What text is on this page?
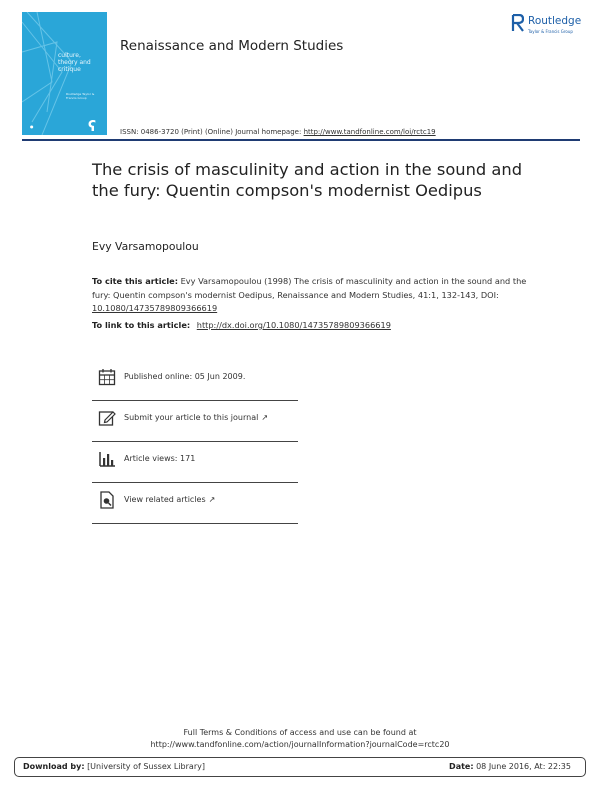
culture, theory and critique
Routledge Taylor & Francis Group
●	ʕ
Renaissance and Modern Studies
Routledge
Taylor & Francis Group
ISSN: 0486-3720 (Print) (Online) Journal homepage: http://www.tandfonline.com/loi/rctc19
The crisis of masculinity and action in the sound and the fury: Quentin compson's modernist Oedipus
Evy Varsamopoulou
To cite this article: Evy Varsamopoulou (1998) The crisis of masculinity and action in the sound and the fury: Quentin compson's modernist Oedipus, Renaissance and Modern Studies, 41:1, 132-143, DOI: 10.1080/14735789809366619
To link to this article: http://dx.doi.org/10.1080/14735789809366619
Published online: 05 Jun 2009.
Submit your article to this journal ↗
Article views: 171
View related articles ↗
Full Terms & Conditions of access and use can be found at
http://www.tandfonline.com/action/journalInformation?journalCode=rctc20
Download by: [University of Sussex Library]	Date: 08 June 2016, At: 22:35
